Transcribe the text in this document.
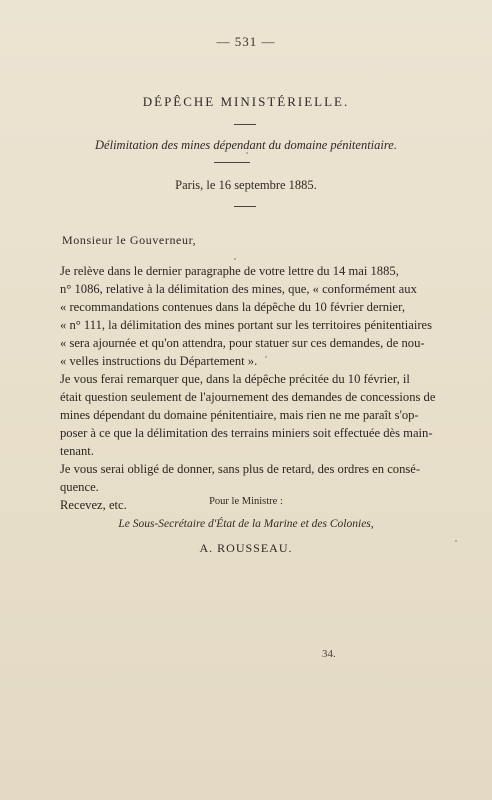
— 531 —
DÉPÊCHE MINISTÉRIELLE.
Délimitation des mines dépendant du domaine pénitentiaire.
Paris, le 16 septembre 1885.
Monsieur le Gouverneur,

Je relève dans le dernier paragraphe de votre lettre du 14 mai 1885,
n° 1086, relative à la délimitation des mines, que, « conformément aux
« recommandations contenues dans la dépêche du 10 février dernier,
« n° 111, la délimitation des mines portant sur les territoires pénitentiaires
« sera ajournée et qu'on attendra, pour statuer sur ces demandes, de nou-
« velles instructions du Département ».

Je vous ferai remarquer que, dans la dépêche précitée du 10 février, il
était question seulement de l'ajournement des demandes de concessions de
mines dépendant du domaine pénitentiaire, mais rien ne me paraît s'op-
poser à ce que la délimitation des terrains miniers soit effectuée dès main-
tenant.

Je vous serai obligé de donner, sans plus de retard, des ordres en consé-
quence.

Recevez, etc.	Pour le Ministre :
Le Sous-Secrétaire d'État de la Marine et des Colonies,
A. ROUSSEAU.
34.
